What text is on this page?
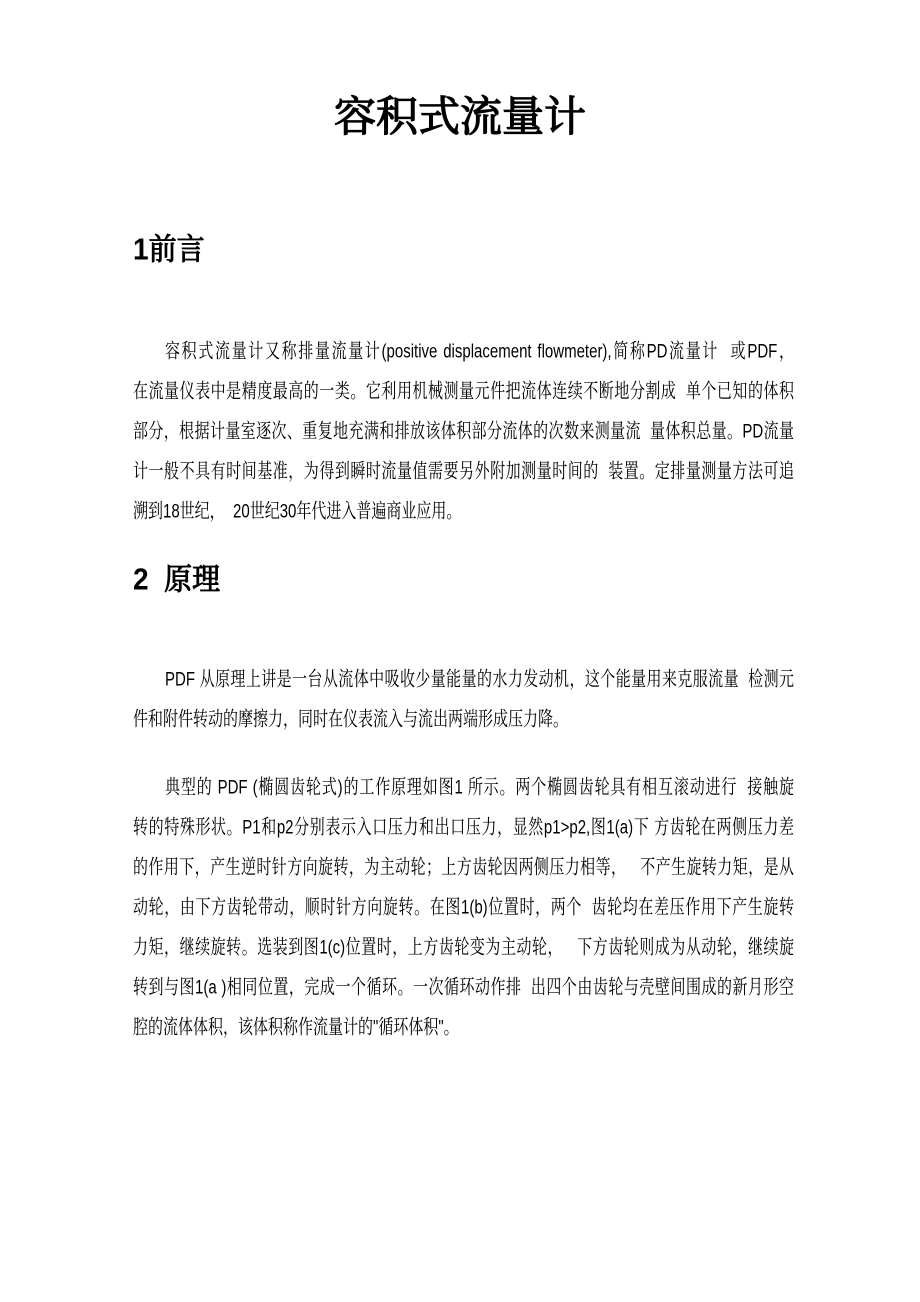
容积式流量计
1前言
容积式流量计又称排量流量计(positive displacement flowmeter),简称PD流量计  或PDF，
在流量仪表中是精度最高的一类。它利用机械测量元件把流体连续不断地分割成  单个已知的体积
部分，根据计量室逐次、重复地充满和排放该体积部分流体的次数来测量流  量体积总量。PD流量
计一般不具有时间基准，为得到瞬时流量值需要另外附加测量时间的  装置。定排量测量方法可追
溯到18世纪，  20世纪30年代进入普遍商业应用。
2  原理
PDF 从原理上讲是一台从流体中吸收少量能量的水力发动机，这个能量用来克服流量  检测元
件和附件转动的摩擦力，同时在仪表流入与流出两端形成压力降。
典型的 PDF (椭圆齿轮式)的工作原理如图1 所示。两个椭圆齿轮具有相互滚动进行  接触旋
转的特殊形状。P1和p2分别表示入口压力和出口压力，显然p1>p2,图1(a)下 方齿轮在两侧压力差
的作用下，产生逆时针方向旋转，为主动轮；上方齿轮因两侧压力相等，   不产生旋转力矩，是从
动轮，由下方齿轮带动，顺时针方向旋转。在图1(b)位置时，两个  齿轮均在差压作用下产生旋转
力矩，继续旋转。选装到图1(c)位置时，上方齿轮变为主动轮，   下方齿轮则成为从动轮，继续旋
转到与图1(a )相同位置，完成一个循环。一次循环动作排  出四个由齿轮与壳壁间围成的新月形空
腔的流体体积，该体积称作流量计的"循环体积"。
